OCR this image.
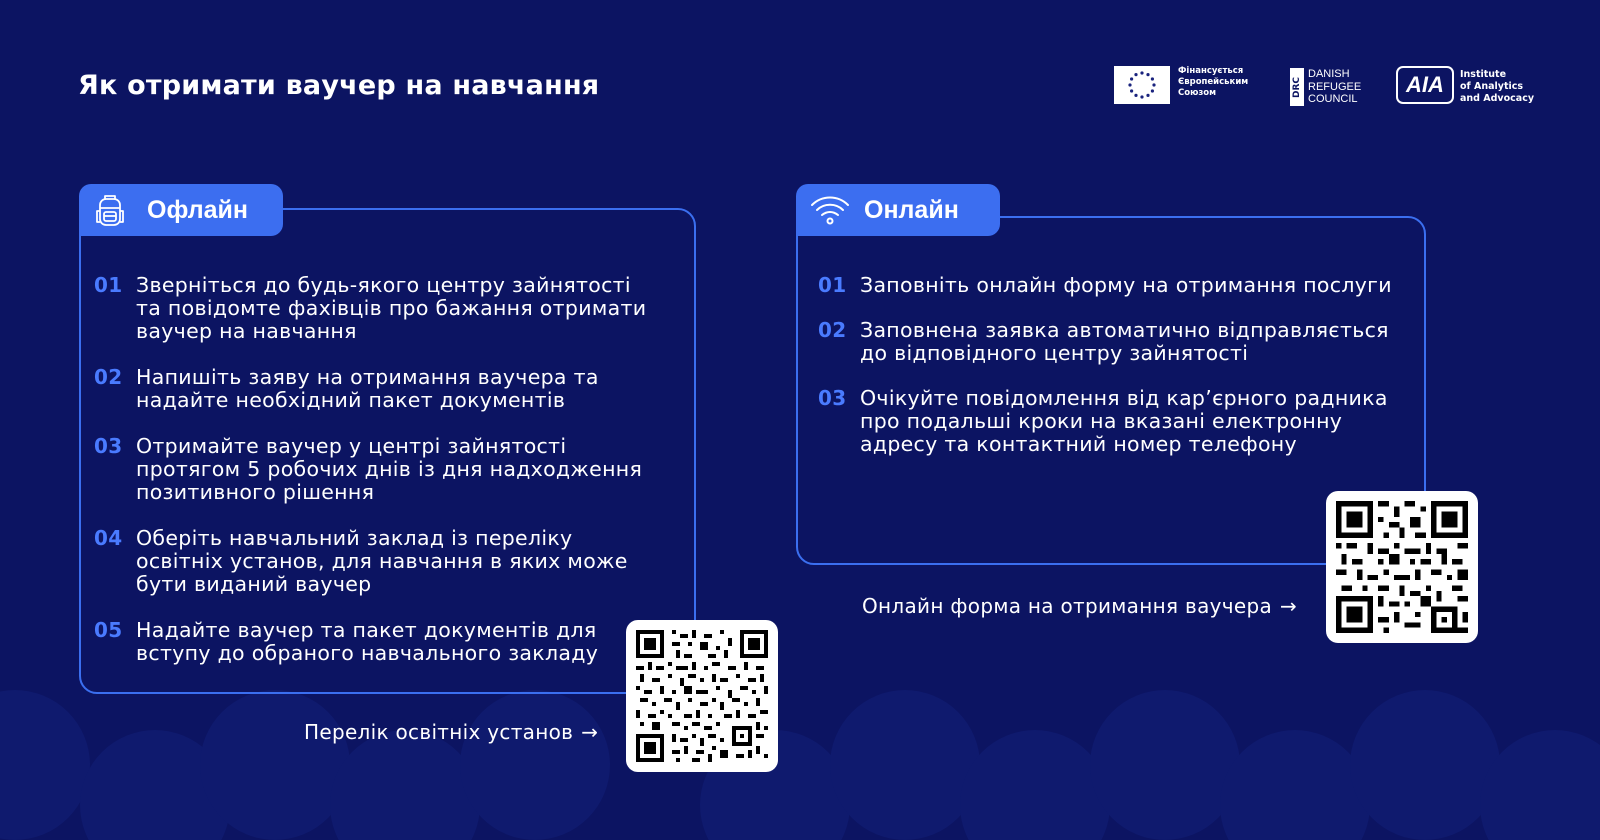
Як отримати ваучер на навчання	Фінансується
Європейським
Союзом	DRC
DANISH
REFUGEE
COUNCIL
AIA	Institute
of Analytics
and Advocacy
Офлайн
01 Зверніться до будь-якого центру зайнятості та повідомте фахівців про бажання отримати ваучер на навчання
02 Напишіть заяву на отримання ваучера та надайте необхідний пакет документів
03 Отримайте ваучер у центрі зайнятості протягом 5 робочих днів із дня надходження позитивного рішення
04 Оберіть навчальний заклад із переліку освітніх установ, для навчання в яких може бути виданий ваучер
05 Надайте ваучер та пакет документів для вступу до обраного навчального закладу
Перелік освітніх установ →
Онлайн
01 Заповніть онлайн форму на отримання послуги
02 Заповнена заявка автоматично відправляється до відповідного центру зайнятості
03 Очікуйте повідомлення від кар’єрного радника про подальші кроки на вказані електронну адресу та контактний номер телефону
Онлайн форма на отримання ваучера →
